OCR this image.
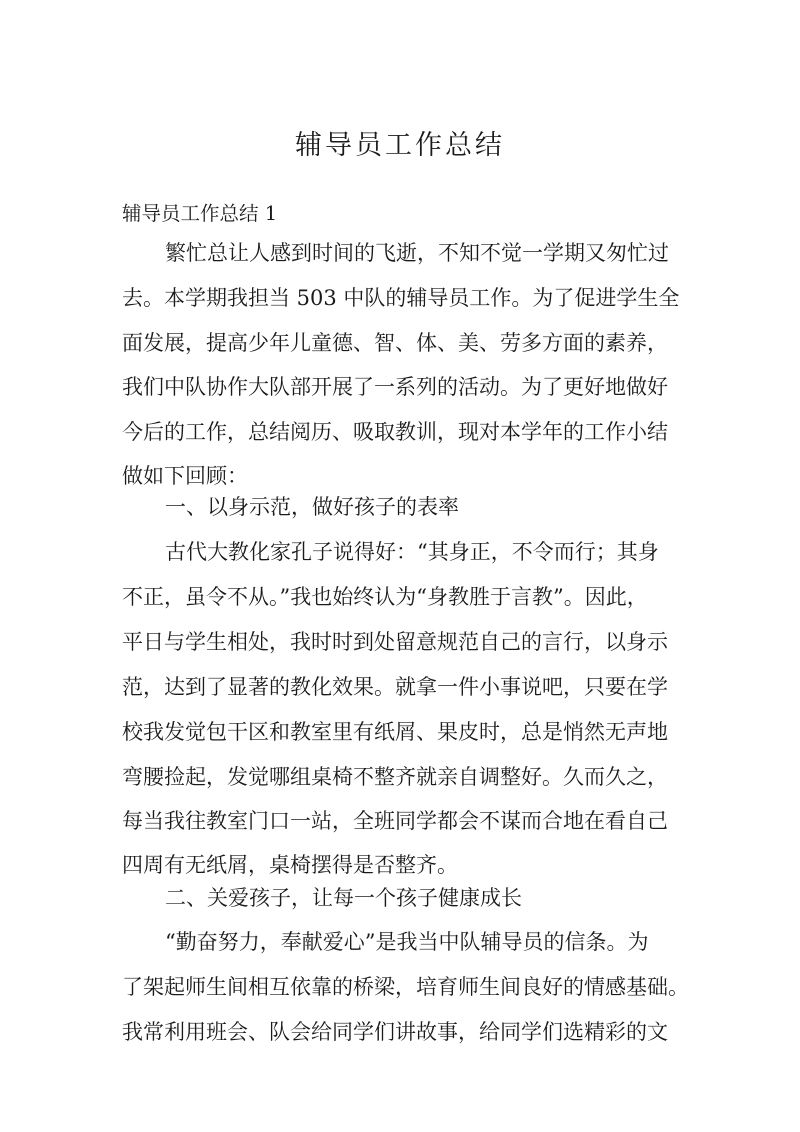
辅导员工作总结
辅导员工作总结 1
繁忙总让人感到时间的飞逝，不知不觉一学期又匆忙过
去。本学期我担当 503 中队的辅导员工作。为了促进学生全
面发展，提高少年儿童德、智、体、美、劳多方面的素养，
我们中队协作大队部开展了一系列的活动。为了更好地做好
今后的工作，总结阅历、吸取教训，现对本学年的工作小结
做如下回顾：
一、以身示范，做好孩子的表率
古代大教化家孔子说得好：“其身正，不令而行；其身
不正，虽令不从。”我也始终认为“身教胜于言教”。因此，
平日与学生相处，我时时到处留意规范自己的言行，以身示
范，达到了显著的教化效果。就拿一件小事说吧，只要在学
校我发觉包干区和教室里有纸屑、果皮时，总是悄然无声地
弯腰捡起，发觉哪组桌椅不整齐就亲自调整好。久而久之，
每当我往教室门口一站，全班同学都会不谋而合地在看自己
四周有无纸屑，桌椅摆得是否整齐。
二、关爱孩子，让每一个孩子健康成长
“勤奋努力，奉献爱心”是我当中队辅导员的信条。为
了架起师生间相互依靠的桥梁，培育师生间良好的情感基础。
我常利用班会、队会给同学们讲故事，给同学们选精彩的文
